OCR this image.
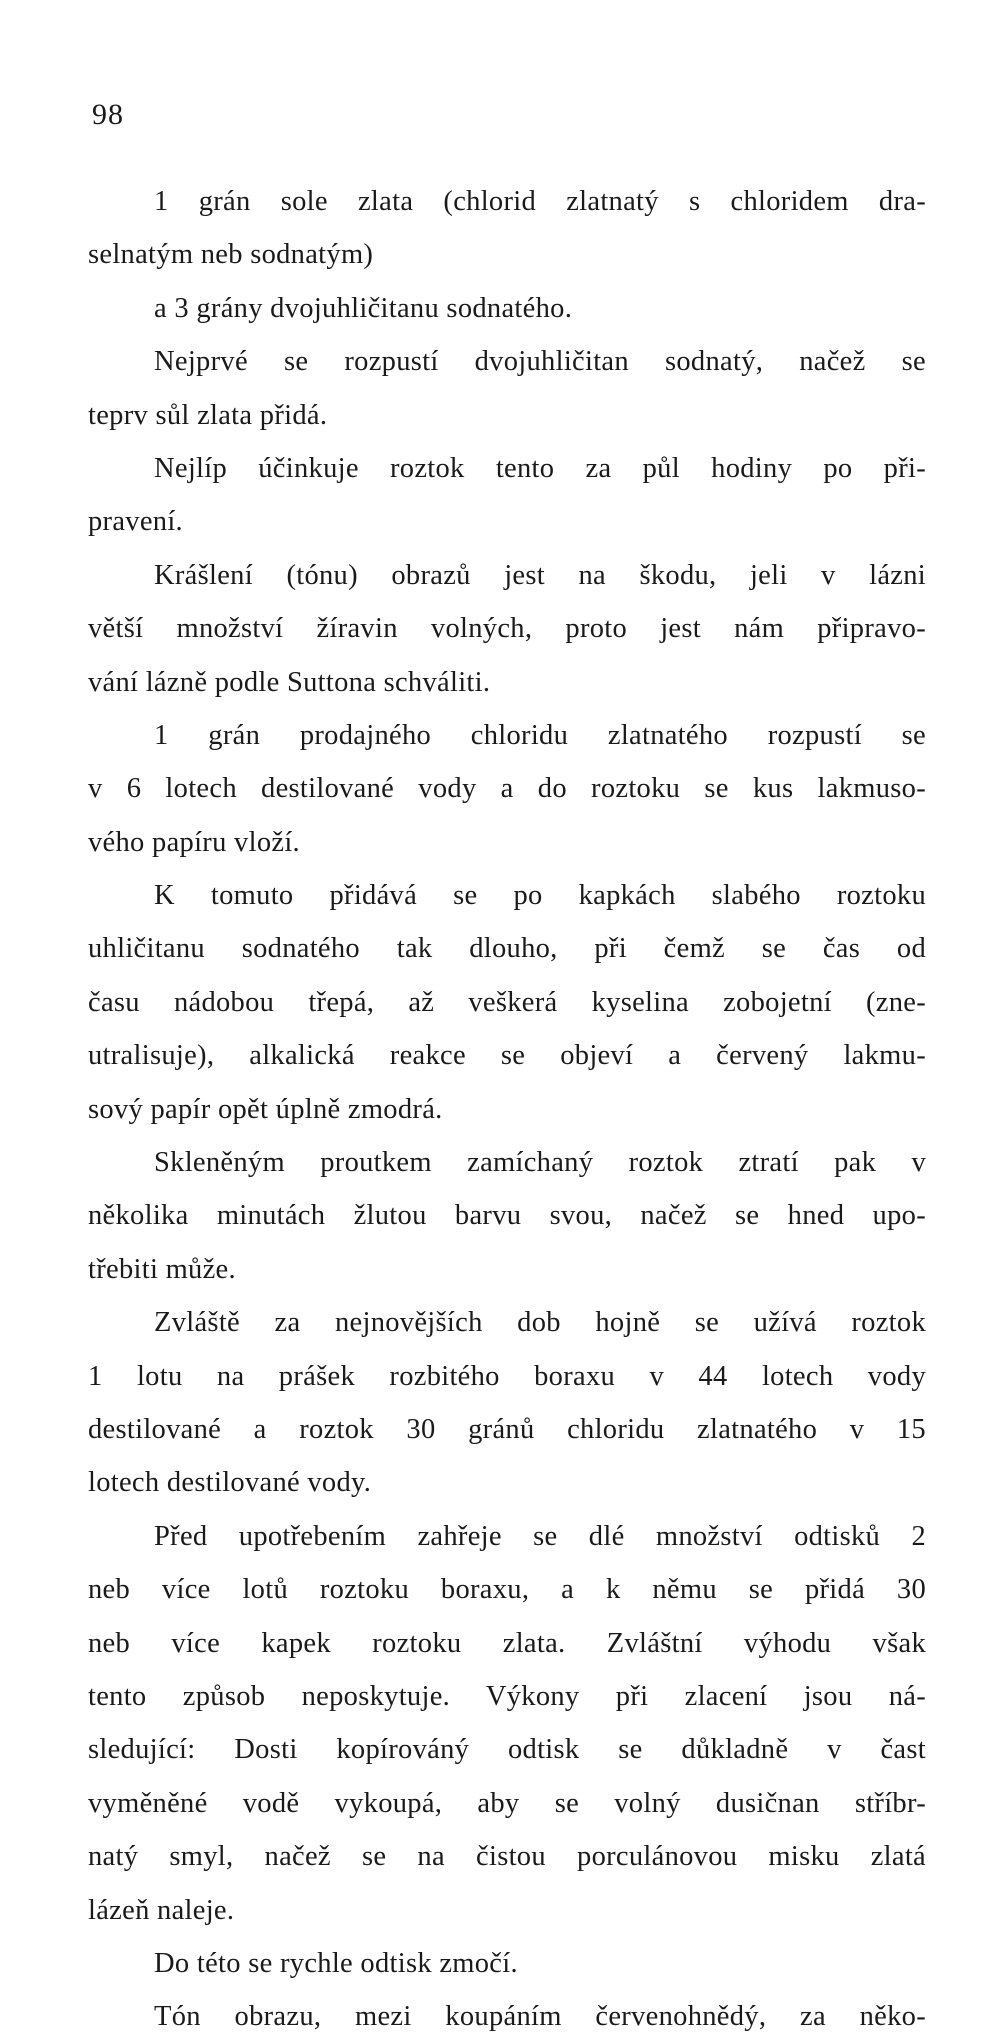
98
1 grán sole zlata (chlorid zlatnatý s chloridem dra-
selnatým neb sodnatým)
a 3 grány dvojuhličitanu sodnatého.
Nejprvé se rozpustí dvojuhličitan sodnatý, načež se
teprv sůl zlata přidá.
Nejlíp účinkuje roztok tento za půl hodiny po při-
pravení.
Krášlení (tónu) obrazů jest na škodu, jeli v lázni
větší množství žíravin volných, proto jest nám připravo-
vání lázně podle Suttona schváliti.
1 grán prodajného chloridu zlatnatého rozpustí se
v 6 lotech destilované vody a do roztoku se kus lakmuso-
vého papíru vloží.
K tomuto přidává se po kapkách slabého roztoku
uhličitanu sodnatého tak dlouho, při čemž se čas od
času nádobou třepá, až veškerá kyselina zobojetní (zne-
utralisuje), alkalická reakce se objeví a červený lakmu-
sový papír opět úplně zmodrá.
Skleněným proutkem zamíchaný roztok ztratí pak v
několika minutách žlutou barvu svou, načež se hned upo-
třebiti může.
Zvláště za nejnovějších dob hojně se užívá roztok
1 lotu na prášek rozbitého boraxu v 44 lotech vody
destilované a roztok 30 gránů chloridu zlatnatého v 15
lotech destilované vody.
Před upotřebením zahřeje se dlé množství odtisků 2
neb více lotů roztoku boraxu, a k němu se přidá 30
neb více kapek roztoku zlata. Zvláštní výhodu však
tento způsob neposkytuje. Výkony při zlacení jsou ná-
sledující: Dosti kopírováný odtisk se důkladně v čast
vyměněné vodě vykoupá, aby se volný dusičnan stříbr-
natý smyl, načež se na čistou porculánovou misku zlatá
lázeň naleje.
Do této se rychle odtisk zmočí.
Tón obrazu, mezi koupáním červenohnědý, za něko-
